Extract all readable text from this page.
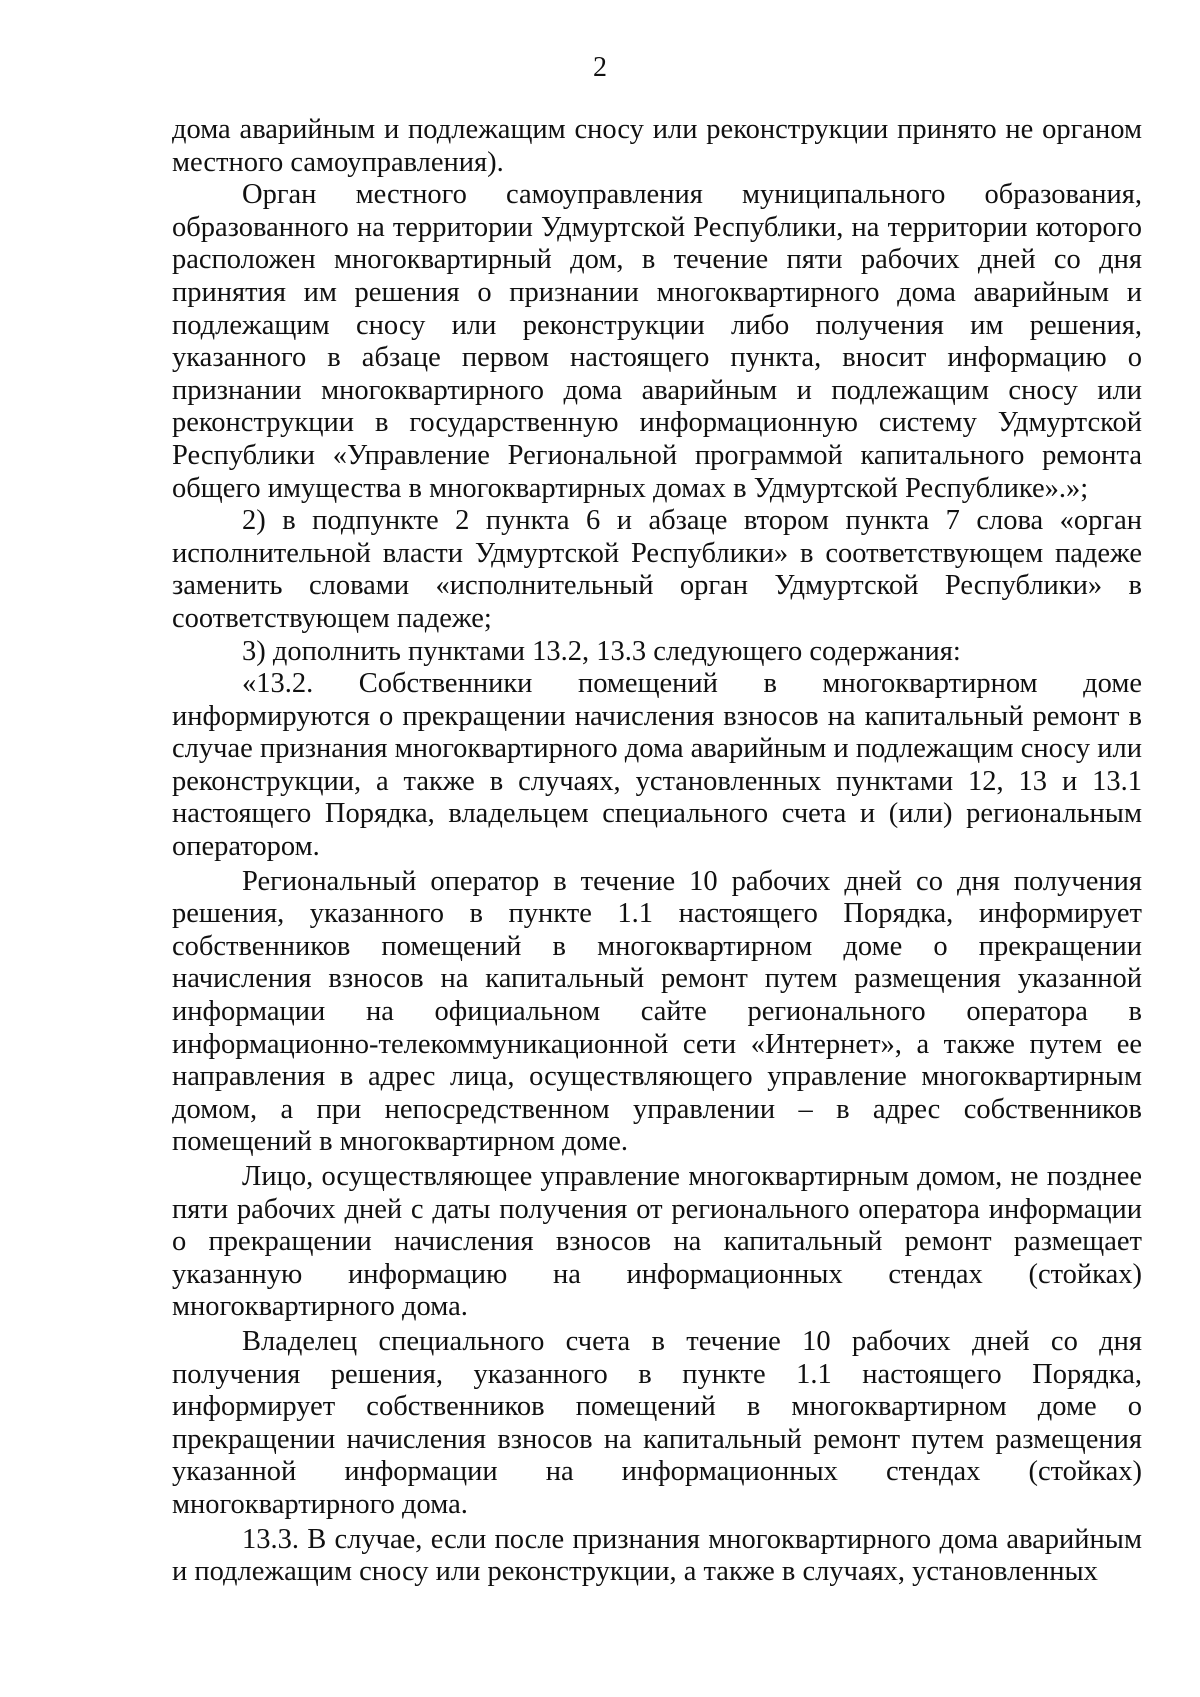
2

дома аварийным и подлежащим сносу или реконструкции принято не органом местного самоуправления).

Орган местного самоуправления муниципального образования, образованного на территории Удмуртской Республики, на территории которого расположен многоквартирный дом, в течение пяти рабочих дней со дня принятия им решения о признании многоквартирного дома аварийным и подлежащим сносу или реконструкции либо получения им решения, указанного в абзаце первом настоящего пункта, вносит информацию о признании многоквартирного дома аварийным и подлежащим сносу или реконструкции в государственную информационную систему Удмуртской Республики «Управление Региональной программой капитального ремонта общего имущества в многоквартирных домах в Удмуртской Республике».»;

2) в подпункте 2 пункта 6 и абзаце втором пункта 7 слова «орган исполнительной власти Удмуртской Республики» в соответствующем падеже заменить словами «исполнительный орган Удмуртской Республики» в соответствующем падеже;

3) дополнить пунктами 13.2, 13.3 следующего содержания:

«13.2. Собственники помещений в многоквартирном доме информируются о прекращении начисления взносов на капитальный ремонт в случае признания многоквартирного дома аварийным и подлежащим сносу или реконструкции, а также в случаях, установленных пунктами 12, 13 и 13.1 настоящего Порядка, владельцем специального счета и (или) региональным оператором.

Региональный оператор в течение 10 рабочих дней со дня получения решения, указанного в пункте 1.1 настоящего Порядка, информирует собственников помещений в многоквартирном доме о прекращении начисления взносов на капитальный ремонт путем размещения указанной информации на официальном сайте регионального оператора в информационно-телекоммуникационной сети «Интернет», а также путем ее направления в адрес лица, осуществляющего управление многоквартирным домом, а при непосредственном управлении – в адрес собственников помещений в многоквартирном доме.

Лицо, осуществляющее управление многоквартирным домом, не позднее пяти рабочих дней с даты получения от регионального оператора информации о прекращении начисления взносов на капитальный ремонт размещает указанную информацию на информационных стендах (стойках) многоквартирного дома.

Владелец специального счета в течение 10 рабочих дней со дня получения решения, указанного в пункте 1.1 настоящего Порядка, информирует собственников помещений в многоквартирном доме о прекращении начисления взносов на капитальный ремонт путем размещения указанной информации на информационных стендах (стойках) многоквартирного дома.

13.3. В случае, если после признания многоквартирного дома аварийным и подлежащим сносу или реконструкции, а также в случаях, установленных
